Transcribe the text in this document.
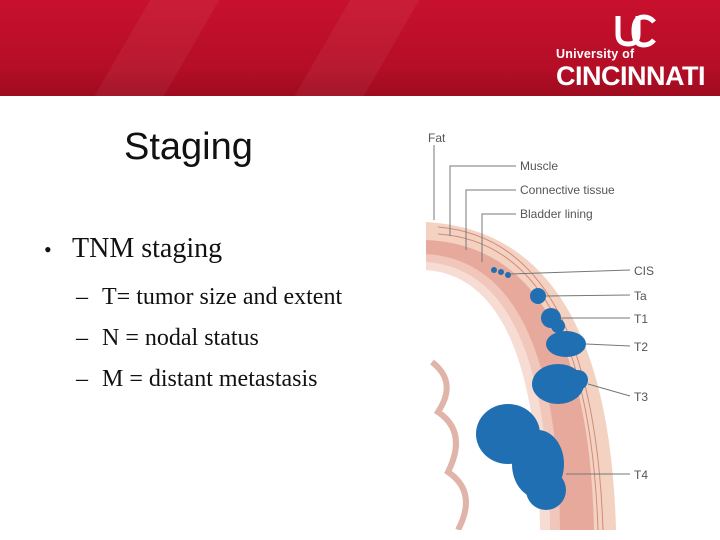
University of
CINCINNATI
Staging
• TNM staging
– T= tumor size and extent
– N = nodal status
– M = distant metastasis
Fat
Muscle
Connective tissue
Bladder lining
CIS
Ta
T1
T2
T3
T4
